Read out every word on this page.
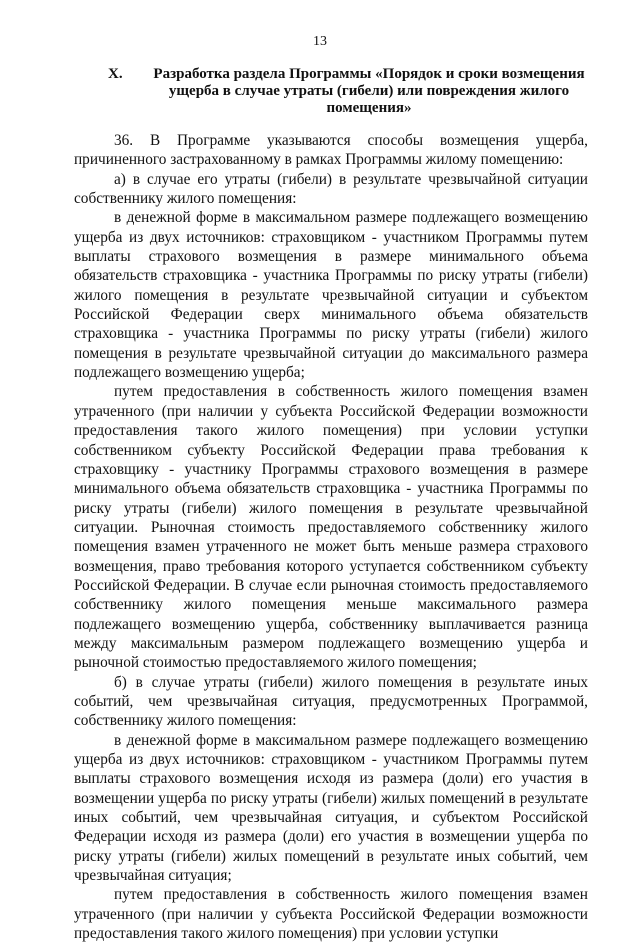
13
X.	Разработка раздела Программы «Порядок и сроки возмещения ущерба в случае утраты (гибели) или повреждения жилого помещения»

36. В Программе указываются способы возмещения ущерба, причиненного застрахованному в рамках Программы жилому помещению:

а) в случае его утраты (гибели) в результате чрезвычайной ситуации собственнику жилого помещения:

в денежной форме в максимальном размере подлежащего возмещению ущерба из двух источников: страховщиком - участником Программы путем выплаты страхового возмещения в размере минимального объема обязательств страховщика - участника Программы по риску утраты (гибели) жилого помещения в результате чрезвычайной ситуации и субъектом Российской Федерации сверх минимального объема обязательств страховщика - участника Программы по риску утраты (гибели) жилого помещения в результате чрезвычайной ситуации до максимального размера подлежащего возмещению ущерба;

путем предоставления в собственность жилого помещения взамен утраченного (при наличии у субъекта Российской Федерации возможности предоставления такого жилого помещения) при условии уступки собственником субъекту Российской Федерации права требования к страховщику - участнику Программы страхового возмещения в размере минимального объема обязательств страховщика - участника Программы по риску утраты (гибели) жилого помещения в результате чрезвычайной ситуации. Рыночная стоимость предоставляемого собственнику жилого помещения взамен утраченного не может быть меньше размера страхового возмещения, право требования которого уступается собственником субъекту Российской Федерации. В случае если рыночная стоимость предоставляемого собственнику жилого помещения меньше максимального размера подлежащего возмещению ущерба, собственнику выплачивается разница между максимальным размером подлежащего возмещению ущерба и рыночной стоимостью предоставляемого жилого помещения;

б) в случае утраты (гибели) жилого помещения в результате иных событий, чем чрезвычайная ситуация, предусмотренных Программой, собственнику жилого помещения:

в денежной форме в максимальном размере подлежащего возмещению ущерба из двух источников: страховщиком - участником Программы путем выплаты страхового возмещения исходя из размера (доли) его участия в возмещении ущерба по риску утраты (гибели) жилых помещений в результате иных событий, чем чрезвычайная ситуация, и субъектом Российской Федерации исходя из размера (доли) его участия в возмещении ущерба по риску утраты (гибели) жилых помещений в результате иных событий, чем чрезвычайная ситуация;

путем предоставления в собственность жилого помещения взамен утраченного (при наличии у субъекта Российской Федерации возможности предоставления такого жилого помещения) при условии уступки
